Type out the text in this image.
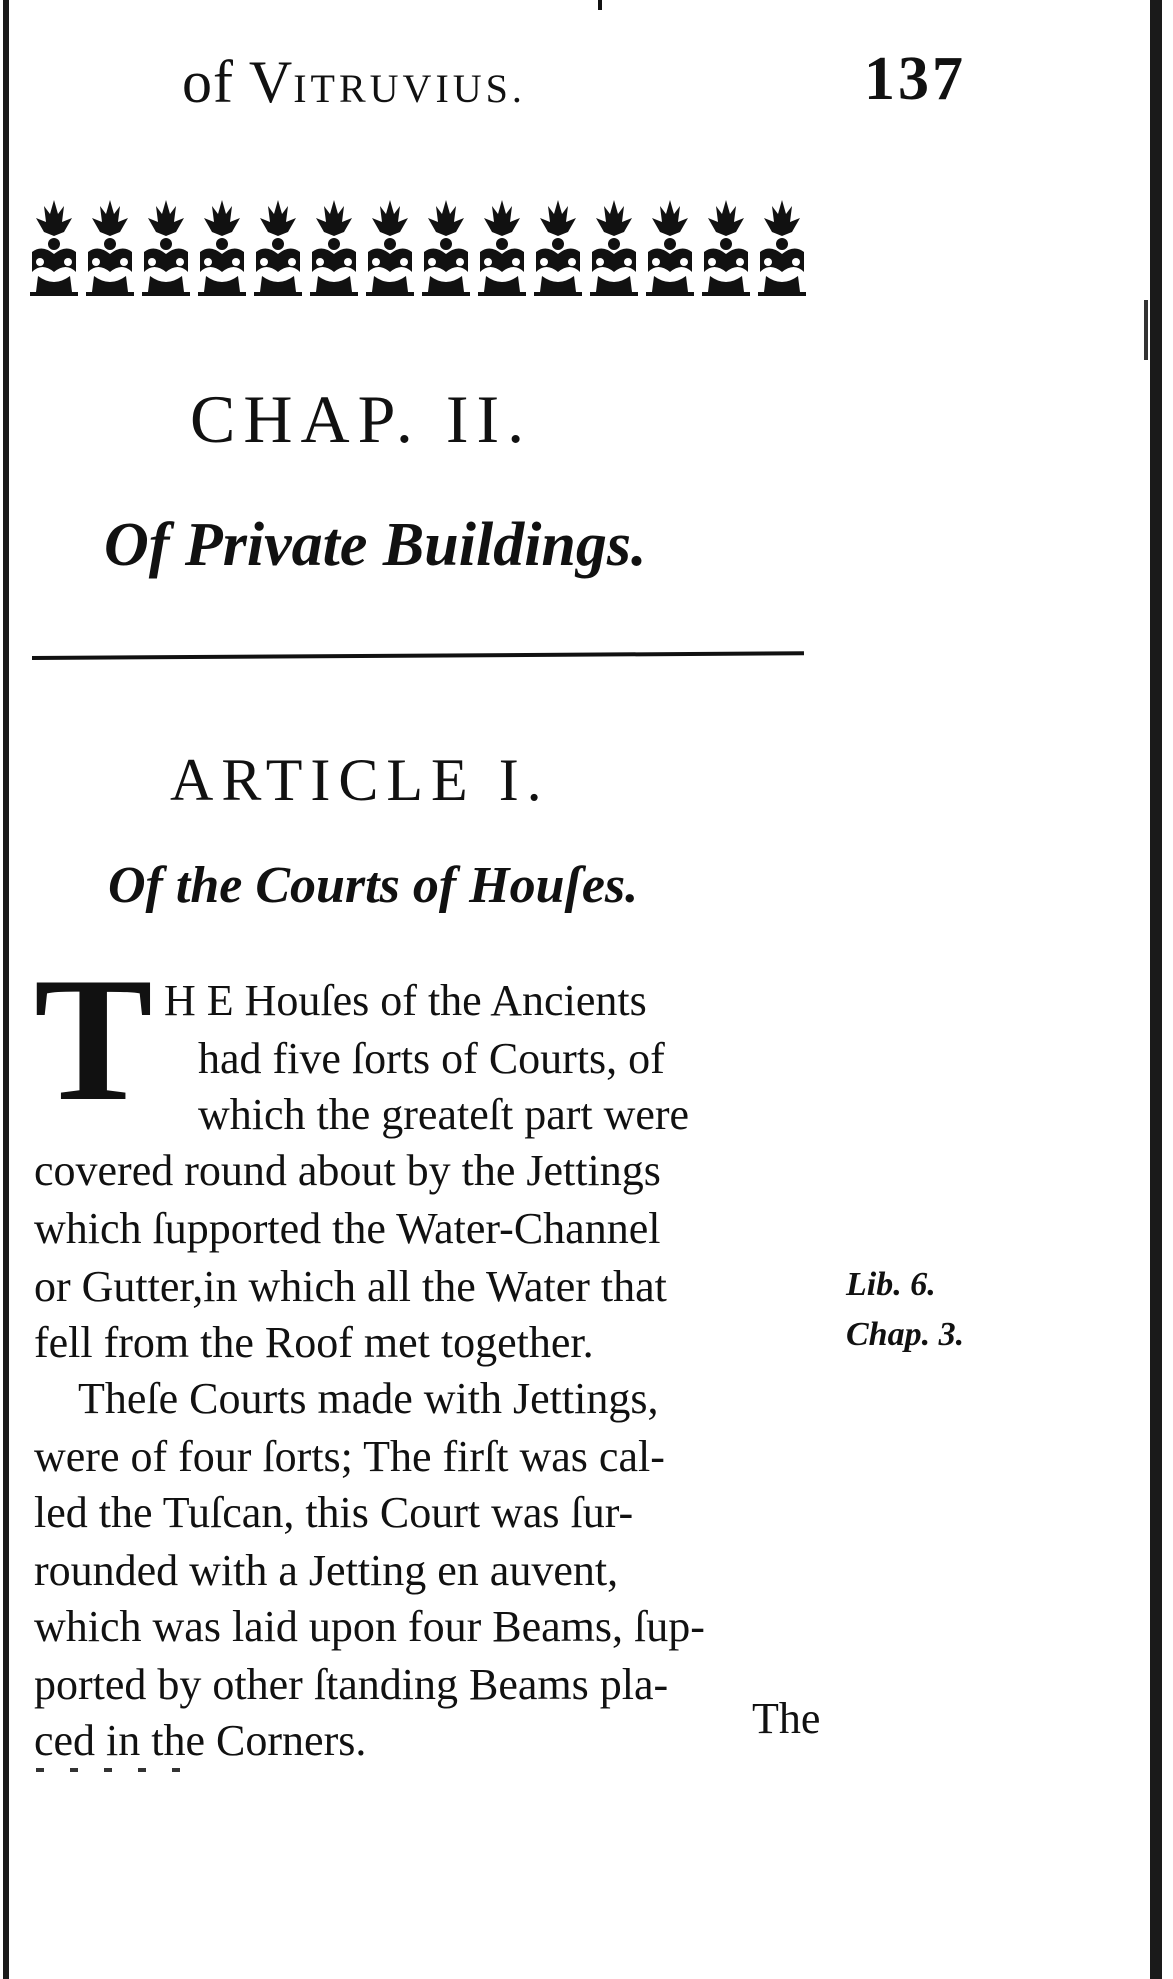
of VITRUVIUS.	137
CHAP. II.
Of Private Buildings.
ARTICLE I.
Of the Courts of Houſes.
T H E Houſes of the Ancients
had five ſorts of Courts, of
which the greateſt part were
covered round about by the Jettings
which ſupported the Water-Channel
or Gutter,in which all the Water that
fell from the Roof met together.
Theſe Courts made with Jettings,
were of four ſorts; The firſt was cal-
led the Tuſcan, this Court was ſur-
rounded with a Jetting en auvent,
which was laid upon four Beams, ſup-
ported by other ſtanding Beams pla-
ced in the Corners.	The
Lib. 6.
Chap. 3.
